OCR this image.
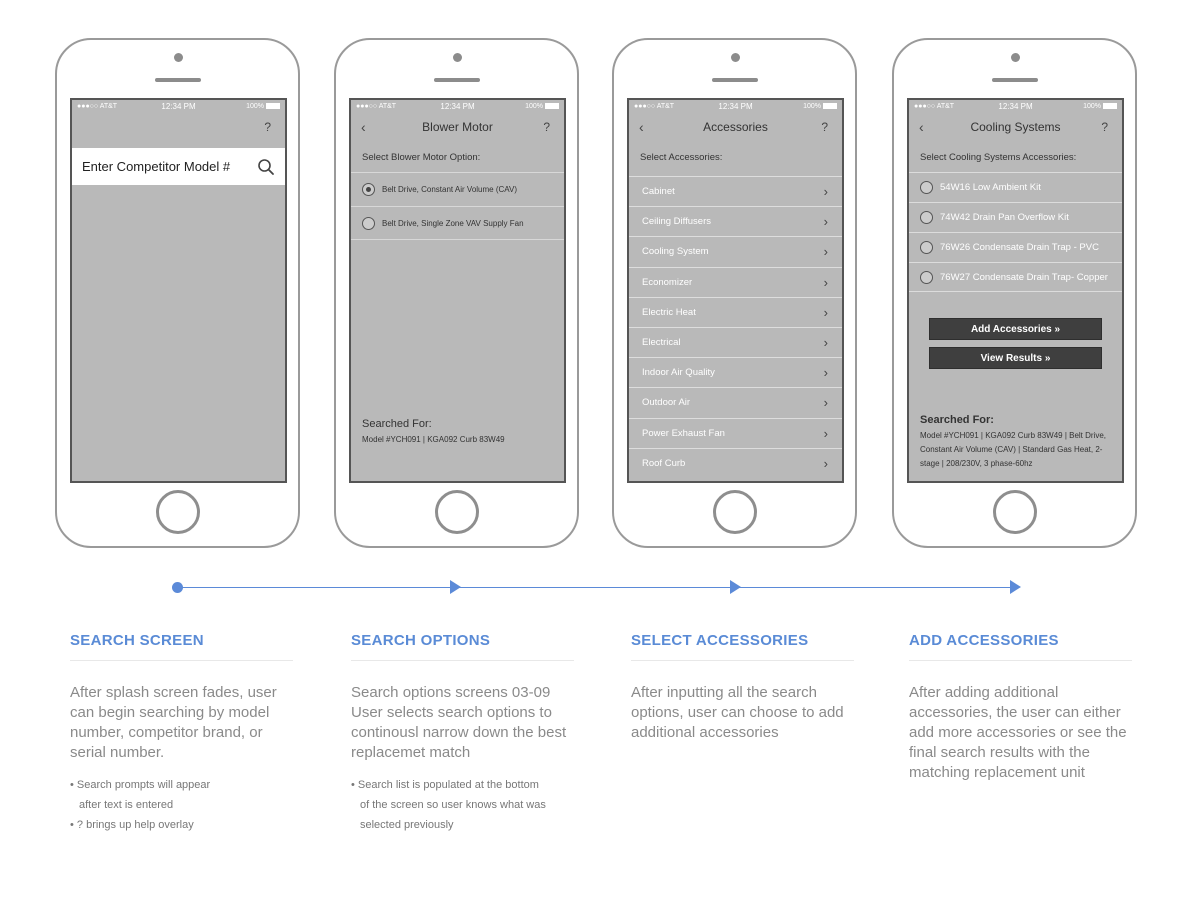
●●●○○ AT&T	12:34 PM	100%
?
Enter Competitor Model #
●●●○○ AT&T	12:34 PM	100%
‹	Blower Motor	?
Select Blower Motor Option:
Belt Drive, Constant Air Volume (CAV)
Belt Drive, Single Zone VAV Supply Fan
Searched For:
Model #YCH091 | KGA092 Curb 83W49
●●●○○ AT&T	12:34 PM	100%
‹	Accessories	?
Select Accessories:
Cabinet	›
Ceiling Diffusers	›
Cooling System	›
Economizer	›
Electric Heat	›
Electrical	›
Indoor Air Quality	›
Outdoor Air	›
Power Exhaust Fan	›
Roof Curb	›
●●●○○ AT&T	12:34 PM	100%
‹	Cooling Systems	?
Select Cooling Systems Accessories:
54W16 Low Ambient Kit
74W42 Drain Pan Overflow Kit
76W26 Condensate Drain Trap - PVC
76W27 Condensate Drain Trap- Copper
Add Accessories »
View Results »
Searched For:
Model #YCH091 | KGA092 Curb 83W49 | Belt Drive, Constant Air Volume (CAV) | Standard Gas Heat, 2-stage | 208/230V, 3 phase-60hz
SEARCH SCREEN
After splash screen fades, user can begin searching by model number, competitor brand, or serial number.
• Search prompts will appear
after text is entered
• ? brings up help overlay
SEARCH OPTIONS
Search options screens 03-09 User selects search options to continousl narrow down the best replacemet match
• Search list is populated at the bottom
of the screen so user knows what was
selected previously
SELECT ACCESSORIES
After inputting all the search options, user can choose to add additional accessories
ADD ACCESSORIES
After adding additional accessories, the user can either add more accessories or see the final search results with the matching replacement unit
